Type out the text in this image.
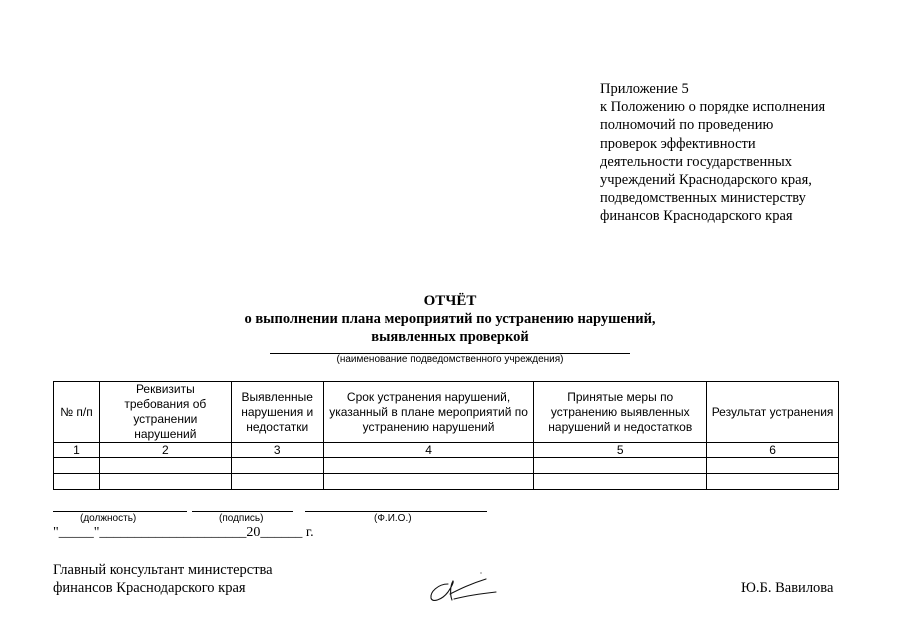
Приложение 5
к Положению о порядке исполнения
полномочий по проведению
проверок эффективности
деятельности государственных
учреждений Краснодарского края,
подведомственных министерству
финансов Краснодарского края
ОТЧЁТ
о выполнении плана мероприятий по устранению нарушений,
выявленных проверкой
(наименование подведомственного учреждения)
№ п/п	Реквизиты требования об устранении нарушений	Выявленные нарушения и недостатки	Срок устранения нарушений, указанный в плане мероприятий по устранению нарушений	Принятые меры по устранению выявленных нарушений и недостатков	Результат устранения
1	2	3	4	5	6

(должность)	(подпись)	(Ф.И.О.)
"_____"_____________________20______ г.
Главный консультант министерства
финансов Краснодарского края	Ю.Б. Вавилова
